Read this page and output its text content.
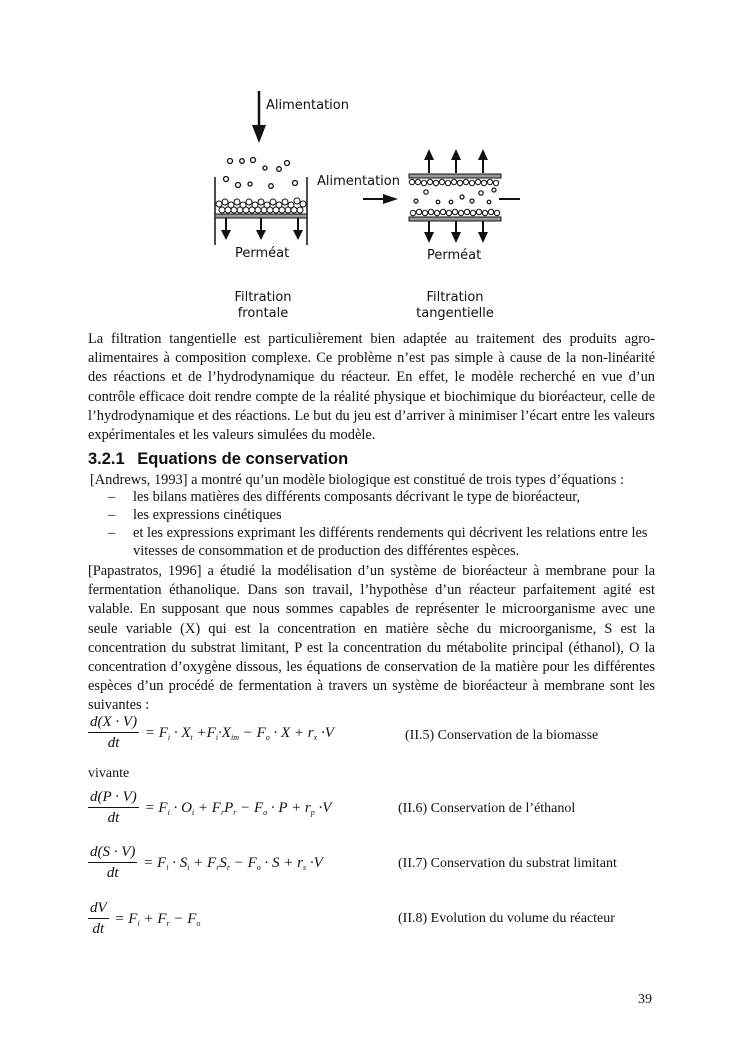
Alimentation
Alimentation
Perméat	Perméat
Filtration
frontale
Filtration
tangentielle

La filtration tangentielle est particulièrement bien adaptée au traitement des produits agro-alimentaires à composition complexe. Ce problème n’est pas simple à cause de la non-linéarité des réactions et de l’hydrodynamique du réacteur. En effet, le modèle recherché en vue d’un contrôle efficace doit rendre compte de la réalité physique et biochimique du bioréacteur, celle de l’hydrodynamique et des réactions. Le but du jeu est d’arriver à minimiser l’écart entre les valeurs expérimentales et les valeurs simulées du modèle.

3.2.1 Equations de conservation

[Andrews, 1993] a montré qu’un modèle biologique est constitué de trois types d’équations :

– les bilans matières des différents composants décrivant le type de bioréacteur,
– les expressions cinétiques
– et les expressions exprimant les différents rendements qui décrivent les relations entre les vitesses de consommation et de production des différentes espèces.

[Papastratos, 1996] a étudié la modélisation d’un système de bioréacteur à membrane pour la fermentation éthanolique. Dans son travail, l’hypothèse d’un réacteur parfaitement agité est valable. En supposant que nous sommes capables de représenter le microorganisme avec une seule variable (X) qui est la concentration en matière sèche du microorganisme, S est la concentration du substrat limitant, P est la concentration du métabolite principal (éthanol), O la concentration d’oxygène dissous, les équations de conservation de la matière pour les différentes espèces d’un procédé de fermentation à travers un système de bioréacteur à membrane sont les suivantes :

$\frac{d(X \cdot V)}{dt} = F_i \cdot X_t +F_i\cdot X_{im} - F_o \cdot X + r_x \cdot V$	(II.5) Conservation de la biomasse
vivante
$\frac{d(P \cdot V)}{dt} = F_i \cdot O_i + F_rP_r - F_o \cdot P + r_p \cdot V$	(II.6) Conservation de l’éthanol
$\frac{d(S \cdot V)}{dt} = F_i \cdot S_i + F_rS_r - F_o \cdot S + r_s \cdot V$	(II.7) Conservation du substrat limitant
$\frac{dV}{dt} = F_i + F_r - F_o$	(II.8) Evolution du volume du réacteur
39
